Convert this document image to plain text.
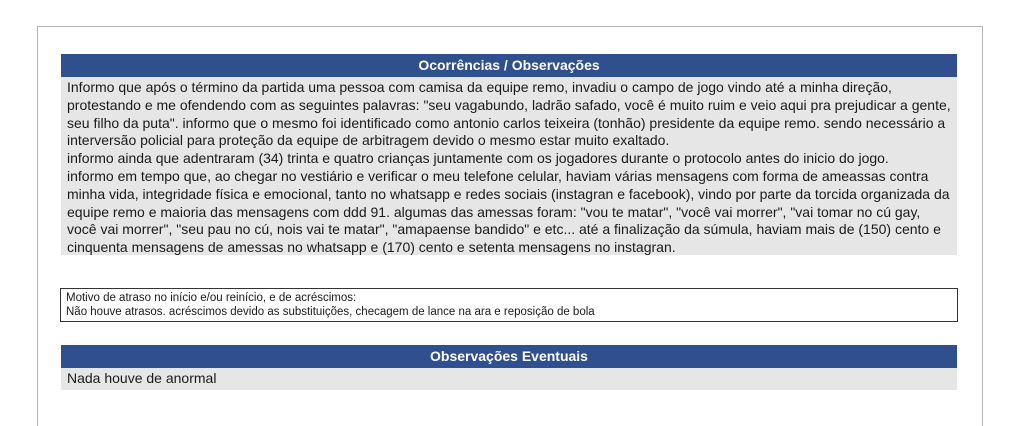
Ocorrências / Observações

Informo que após o término da partida uma pessoa com camisa da equipe remo, invadiu o campo de jogo vindo até a minha direção, protestando e me ofendendo com as seguintes palavras: "seu vagabundo, ladrão safado, você é muito ruim e veio aqui pra prejudicar a gente, seu filho da puta". informo que o mesmo foi identificado como antonio carlos teixeira (tonhão) presidente da equipe remo. sendo necessário a interversão policial para proteção da equipe de arbitragem devido o mesmo estar muito exaltado.

informo ainda que adentraram (34) trinta e quatro crianças juntamente com os jogadores durante o protocolo antes do inicio do jogo.

informo em tempo que, ao chegar no vestiário e verificar o meu telefone celular, haviam várias mensagens com forma de ameassas contra minha vida, integridade física e emocional, tanto no whatsapp e redes sociais (instagran e facebook), vindo por parte da torcida organizada da equipe remo e maioria das mensagens com ddd 91. algumas das amessas foram: "vou te matar", "você vai morrer", "vai tomar no cú gay, você vai morrer", "seu pau no cú, nois vai te matar", "amapaense bandido" e etc... até a finalização da súmula, haviam mais de (150) cento e cinquenta mensagens de amessas no whatsapp e (170) cento e setenta mensagens no instagran.

Motivo de atraso no início e/ou reinício, e de acréscimos:
Não houve atrasos. acréscimos devido as substituições, checagem de lance na ara e reposição de bola
Observações Eventuais

Nada houve de anormal
